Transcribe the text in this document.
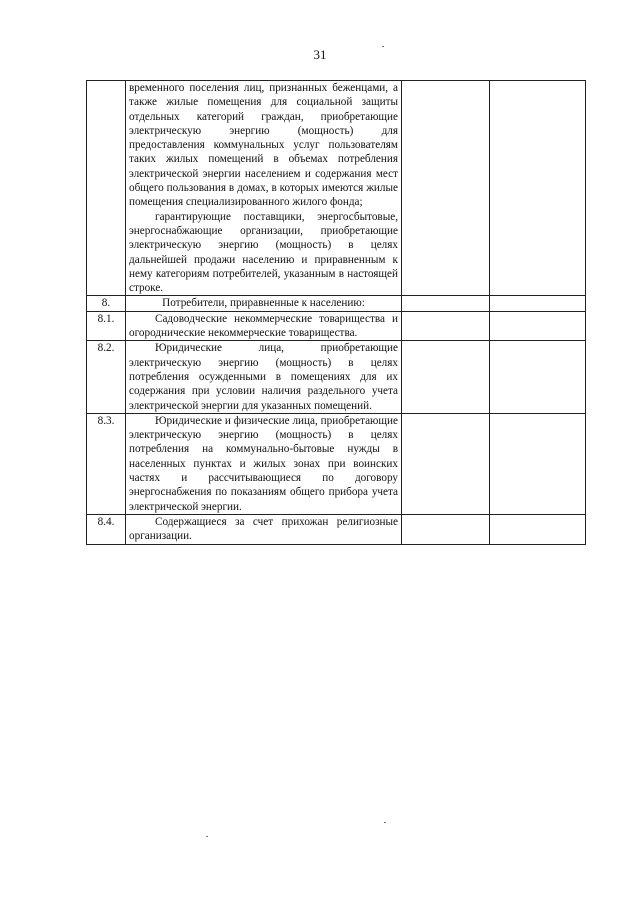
31

	временного поселения лиц, признанных беженцами, а также жилые помещения для социальной защиты отдельных категорий граждан, приобретающие электрическую энергию (мощность) для предоставления коммунальных услуг пользователям таких жилых помещений в объемах потребления электрической энергии населением и содержания мест общего пользования в домах, в которых имеются жилые помещения специализированного жилого фонда;

гарантирующие поставщики, энергосбытовые, энергоснабжающие организации, приобретающие электрическую энергию (мощность) в целях дальнейшей продажи населению и приравненным к нему категориям потребителей, указанным в настоящей строке.		

8.	Потребители, приравненные к населению:		

8.1.	Садоводческие некоммерческие товарищества и огороднические некоммерческие товарищества.		

8.2.	Юридические лица, приобретающие электрическую энергию (мощность) в целях потребления осужденными в помещениях для их содержания при условии наличия раздельного учета электрической энергии для указанных помещений.		

8.3.	Юридические и физические лица, приобретающие электрическую энергию (мощность) в целях потребления на коммунально-бытовые нужды в населенных пунктах и жилых зонах при воинских частях и рассчитывающиеся по договору энергоснабжения по показаниям общего прибора учета электрической энергии.		

8.4.	Содержащиеся за счет прихожан религиозные организации.		
